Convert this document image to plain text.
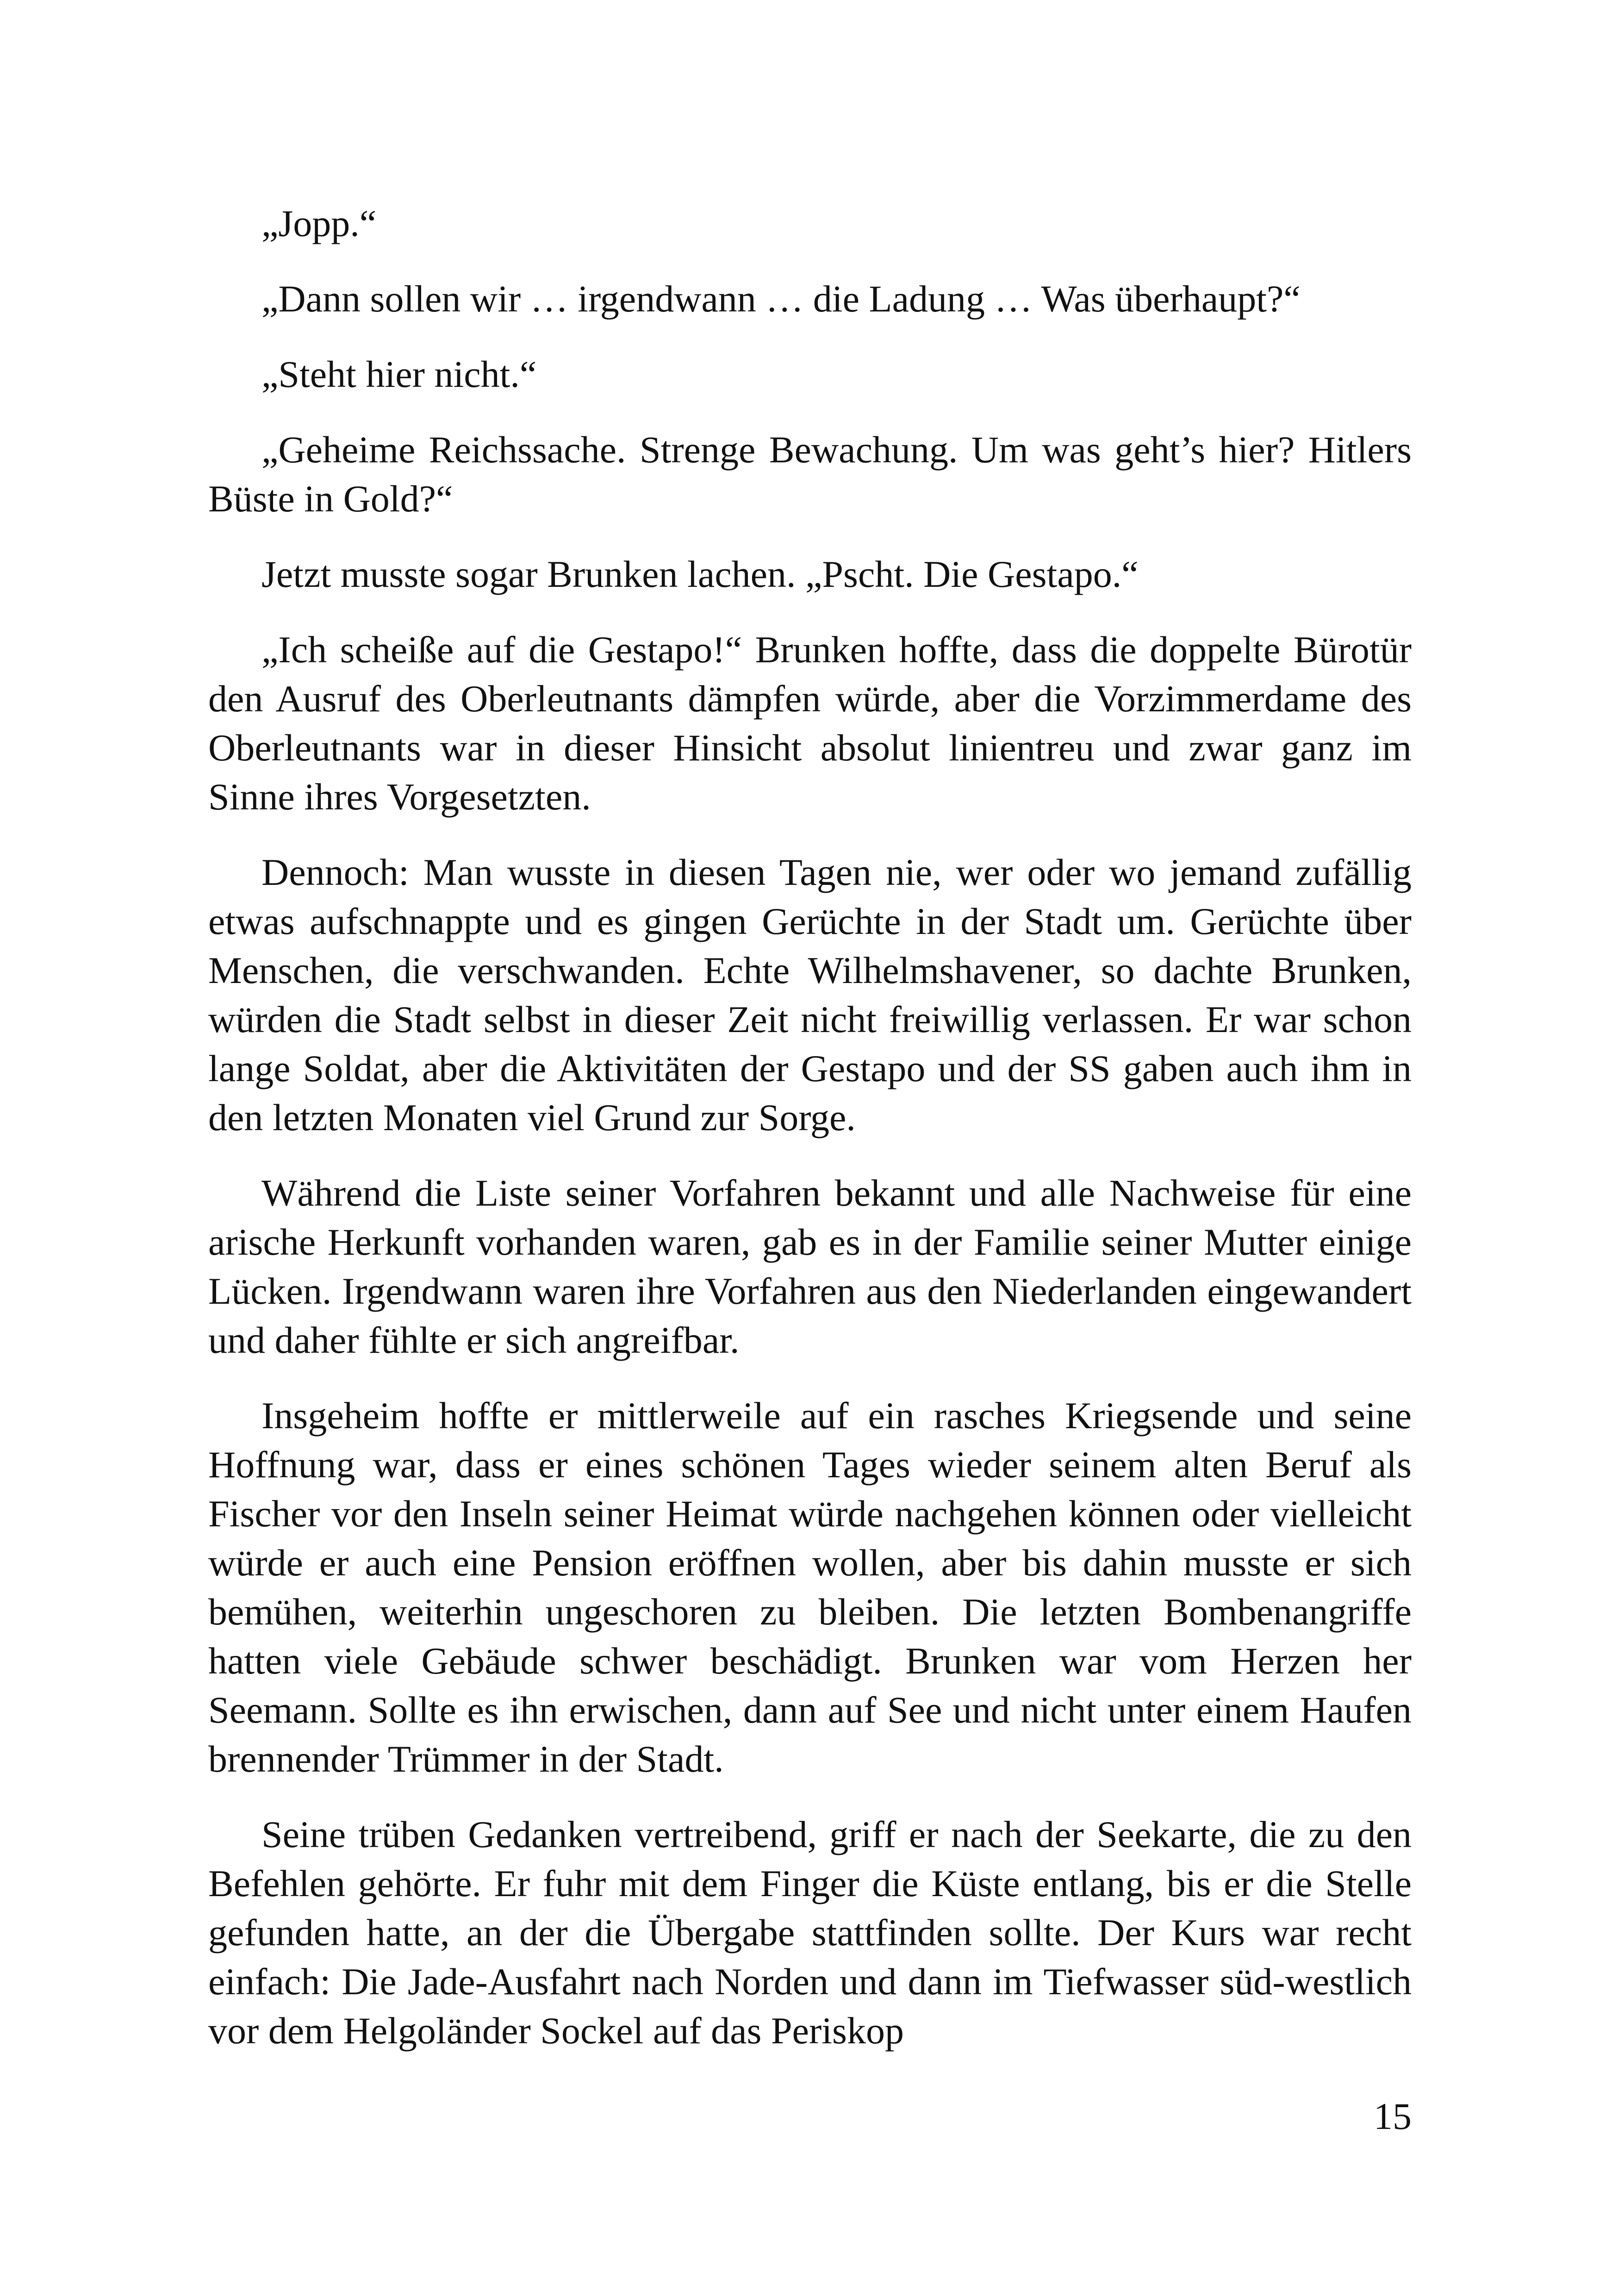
„Jopp.“

„Dann sollen wir … irgendwann … die Ladung … Was überhaupt?“

„Steht hier nicht.“

„Geheime Reichssache. Strenge Bewachung. Um was geht’s hier? Hitlers Büste in Gold?“

Jetzt musste sogar Brunken lachen. „Pscht. Die Gestapo.“

„Ich scheiße auf die Gestapo!“ Brunken hoffte, dass die doppelte Bürotür den Ausruf des Oberleutnants dämpfen würde, aber die Vorzimmerdame des Oberleutnants war in dieser Hinsicht absolut linientreu und zwar ganz im Sinne ihres Vorgesetzten.

Dennoch: Man wusste in diesen Tagen nie, wer oder wo jemand zufällig etwas aufschnappte und es gingen Gerüchte in der Stadt um. Gerüchte über Menschen, die verschwanden. Echte Wilhelmshavener, so dachte Brunken, würden die Stadt selbst in dieser Zeit nicht freiwillig verlassen. Er war schon lange Soldat, aber die Aktivitäten der Gestapo und der SS gaben auch ihm in den letzten Monaten viel Grund zur Sorge.

Während die Liste seiner Vorfahren bekannt und alle Nachweise für eine arische Herkunft vorhanden waren, gab es in der Familie seiner Mutter einige Lücken. Irgendwann waren ihre Vorfahren aus den Niederlanden eingewandert und daher fühlte er sich angreifbar.

Insgeheim hoffte er mittlerweile auf ein rasches Kriegsende und seine Hoffnung war, dass er eines schönen Tages wieder seinem alten Beruf als Fischer vor den Inseln seiner Heimat würde nachgehen können oder vielleicht würde er auch eine Pension eröffnen wollen, aber bis dahin musste er sich bemühen, weiterhin ungeschoren zu bleiben. Die letzten Bombenangriffe hatten viele Gebäude schwer beschädigt. Brunken war vom Herzen her Seemann. Sollte es ihn erwischen, dann auf See und nicht unter einem Haufen brennender Trümmer in der Stadt.

Seine trüben Gedanken vertreibend, griff er nach der Seekarte, die zu den Befehlen gehörte. Er fuhr mit dem Finger die Küste entlang, bis er die Stelle gefunden hatte, an der die Übergabe stattfinden sollte. Der Kurs war recht einfach: Die Jade-Ausfahrt nach Norden und dann im Tiefwasser süd-westlich vor dem Helgoländer Sockel auf das Periskop

15
